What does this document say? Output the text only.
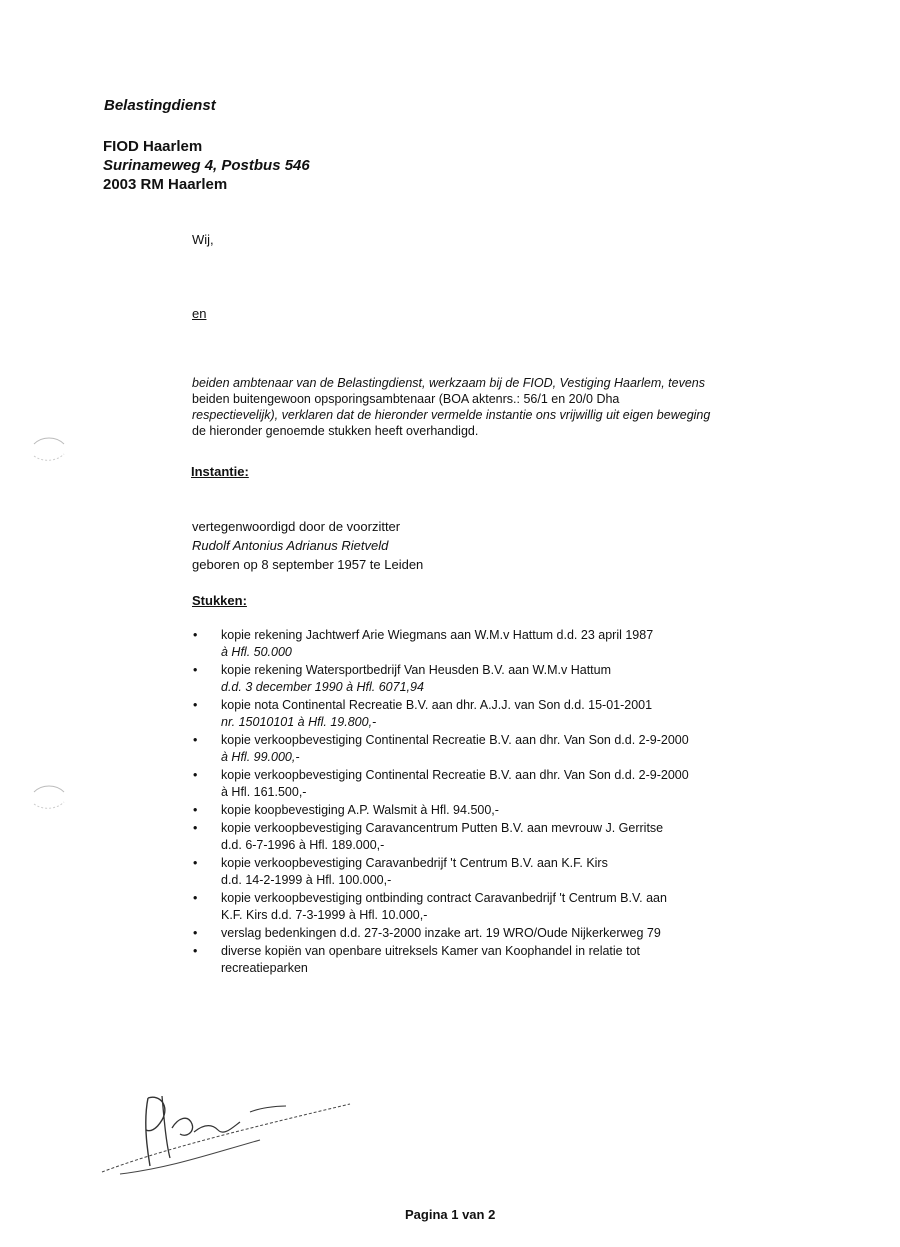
Belastingdienst
FIOD Haarlem
Surinameweg 4, Postbus 546
2003 RM Haarlem
Wij,
en
beiden ambtenaar van de Belastingdienst, werkzaam bij de FIOD, Vestiging Haarlem, tevens
beiden buitengewoon opsporingsambtenaar (BOA aktenrs.: 56/1 en 20/0 Dha
respectievelijk), verklaren dat de hieronder vermelde instantie ons vrijwillig uit eigen beweging
de hieronder genoemde stukken heeft overhandigd.
Instantie:
vertegenwoordigd door de voorzitter
Rudolf Antonius Adrianus Rietveld
geboren op 8 september 1957 te Leiden
Stukken:
• kopie rekening Jachtwerf Arie Wiegmans aan W.M.v Hattum d.d. 23 april 1987
à Hfl. 50.000
• kopie rekening Watersportbedrijf Van Heusden B.V. aan W.M.v Hattum
d.d. 3 december 1990 à Hfl. 6071,94
• kopie nota Continental Recreatie B.V. aan dhr. A.J.J. van Son d.d. 15-01-2001
nr. 15010101 à Hfl. 19.800,-
• kopie verkoopbevestiging Continental Recreatie B.V. aan dhr. Van Son d.d. 2-9-2000
à Hfl. 99.000,-
• kopie verkoopbevestiging Continental Recreatie B.V. aan dhr. Van Son d.d. 2-9-2000
à Hfl. 161.500,-
• kopie koopbevestiging A.P. Walsmit à Hfl. 94.500,-
• kopie verkoopbevestiging Caravancentrum Putten B.V. aan mevrouw J. Gerritse
d.d. 6-7-1996 à Hfl. 189.000,-
• kopie verkoopbevestiging Caravanbedrijf 't Centrum B.V. aan K.F. Kirs
d.d. 14-2-1999 à Hfl. 100.000,-
• kopie verkoopbevestiging ontbinding contract Caravanbedrijf 't Centrum B.V. aan
K.F. Kirs d.d. 7-3-1999 à Hfl. 10.000,-
• verslag bedenkingen d.d. 27-3-2000 inzake art. 19 WRO/Oude Nijkerkerweg 79
• diverse kopiën van openbare uitreksels Kamer van Koophandel in relatie tot
recreatieparken
Pagina 1 van 2
